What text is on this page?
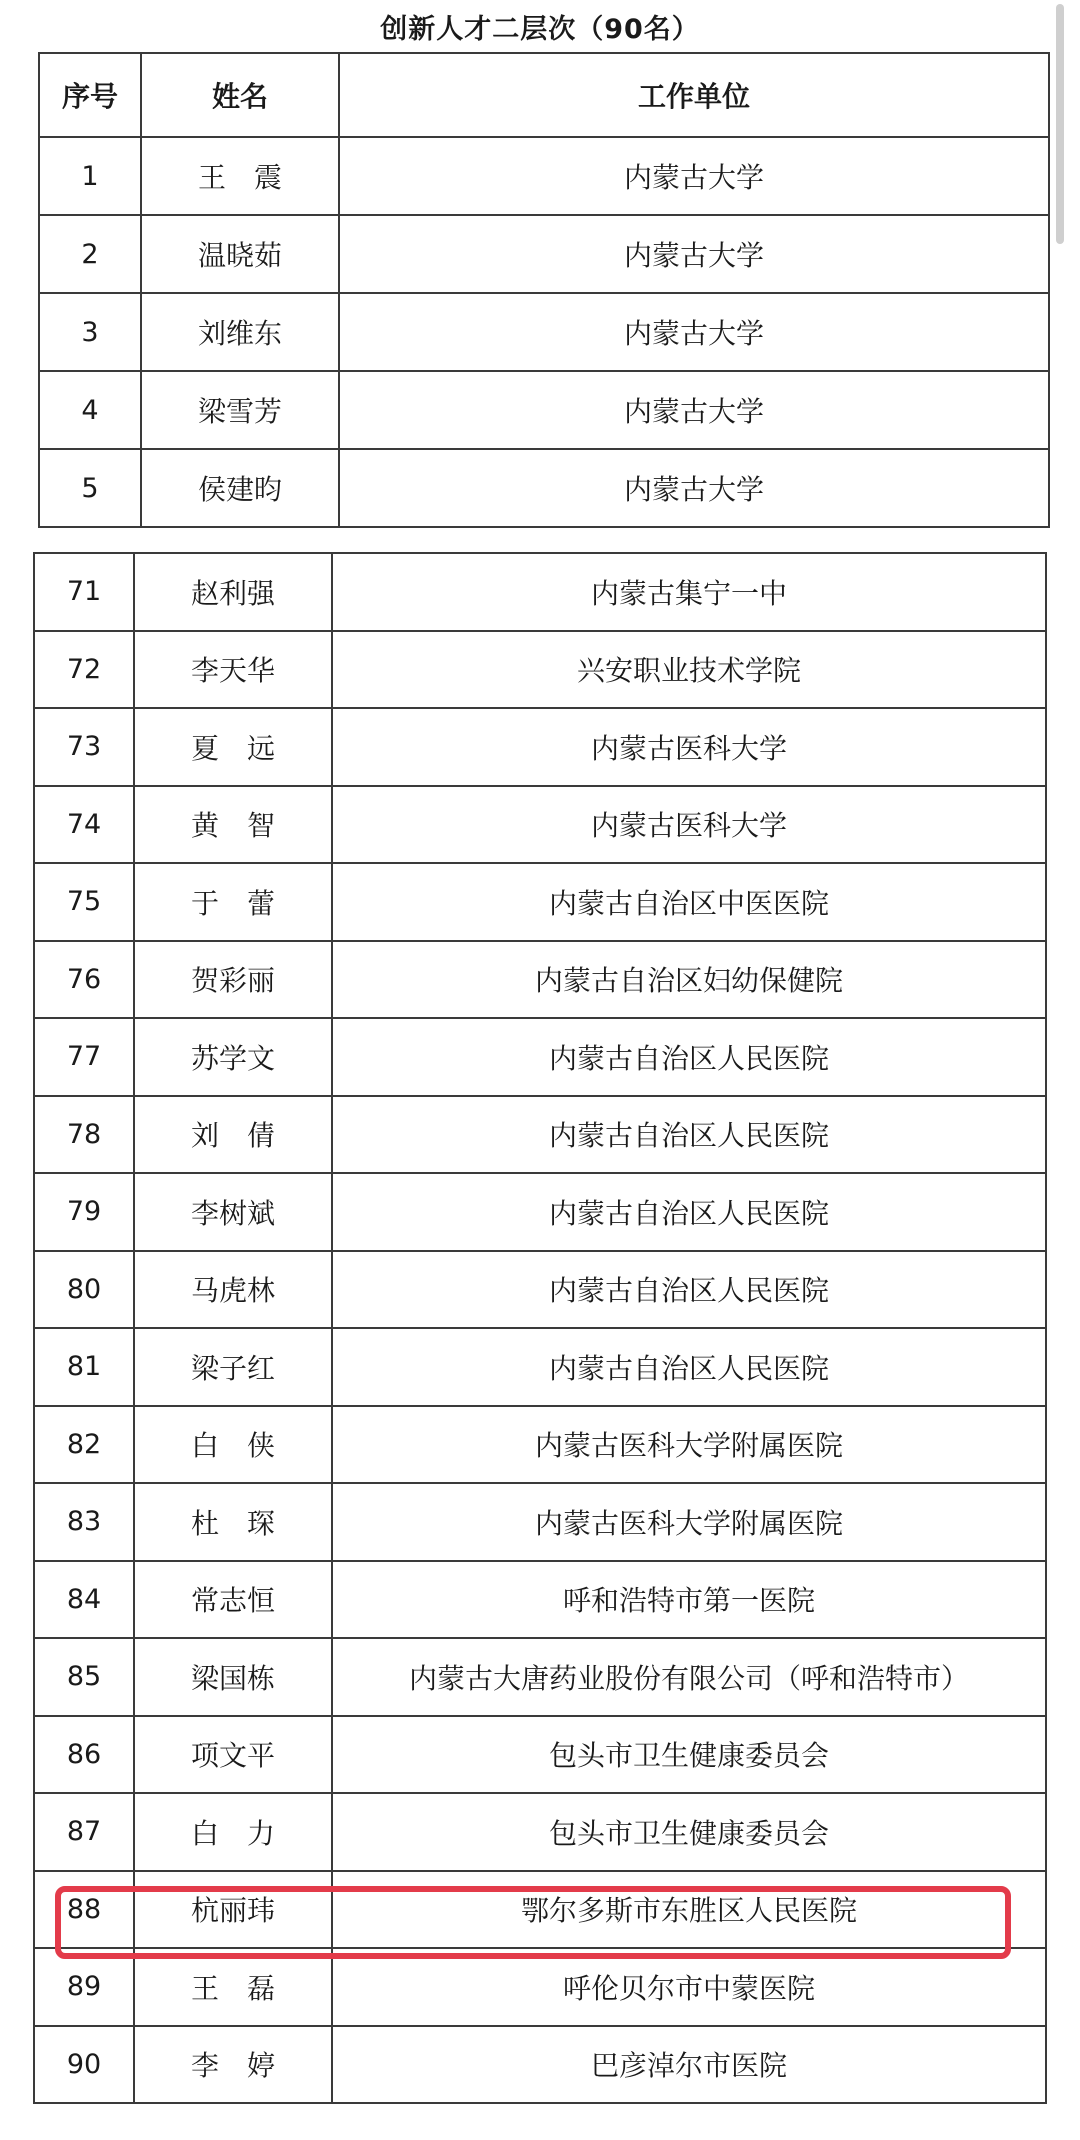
创新人才二层次（90名）
序号	姓名	工作单位
1	王　震	内蒙古大学
2	温晓茹	内蒙古大学
3	刘维东	内蒙古大学
4	梁雪芳	内蒙古大学
5	侯建昀	内蒙古大学
71	赵利强	内蒙古集宁一中
72	李天华	兴安职业技术学院
73	夏　远	内蒙古医科大学
74	黄　智	内蒙古医科大学
75	于　蕾	内蒙古自治区中医医院
76	贺彩丽	内蒙古自治区妇幼保健院
77	苏学文	内蒙古自治区人民医院
78	刘　倩	内蒙古自治区人民医院
79	李树斌	内蒙古自治区人民医院
80	马虎林	内蒙古自治区人民医院
81	梁子红	内蒙古自治区人民医院
82	白　侠	内蒙古医科大学附属医院
83	杜　琛	内蒙古医科大学附属医院
84	常志恒	呼和浩特市第一医院
85	梁国栋	内蒙古大唐药业股份有限公司（呼和浩特市）
86	项文平	包头市卫生健康委员会
87	白　力	包头市卫生健康委员会
88	杭丽玮	鄂尔多斯市东胜区人民医院
89	王　磊	呼伦贝尔市中蒙医院
90	李　婷	巴彦淖尔市医院
